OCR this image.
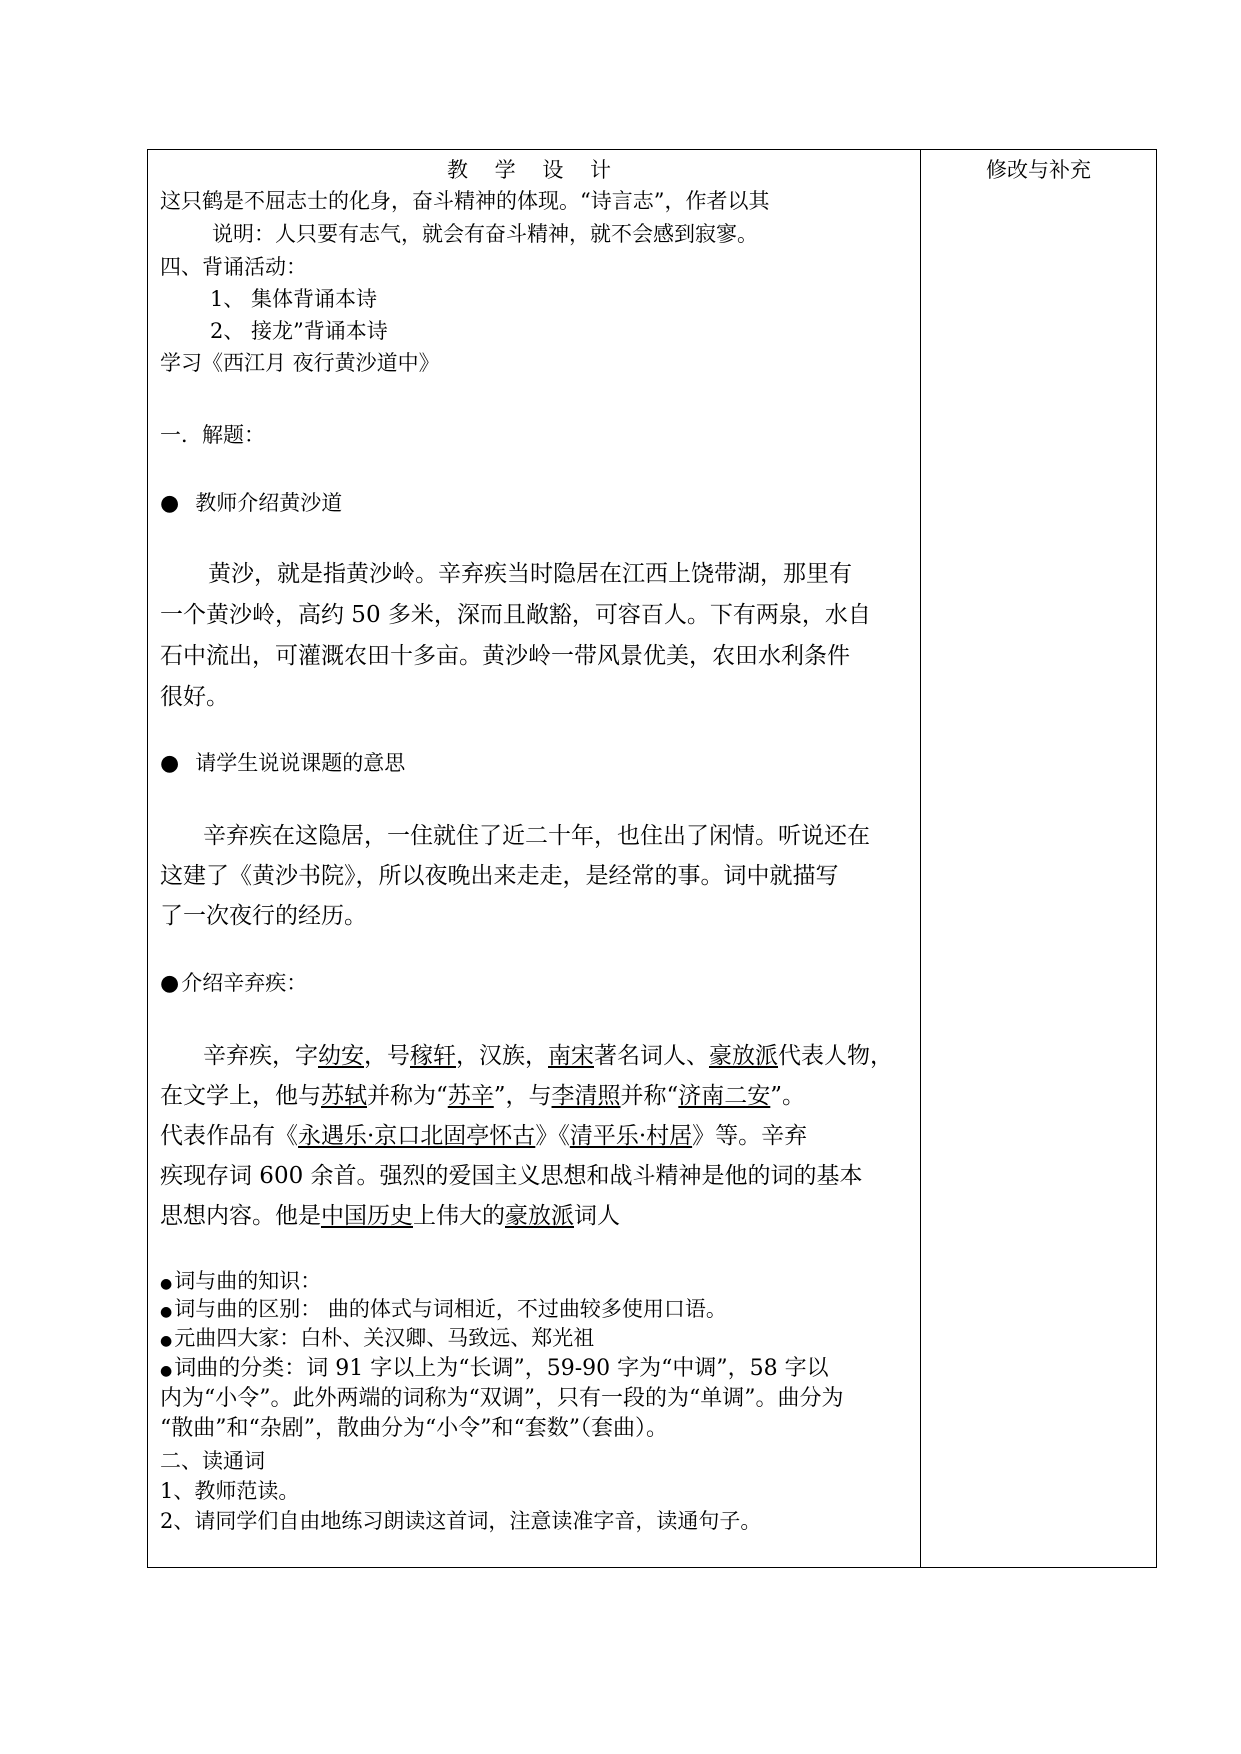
教 学 设 计	修改与补充
这只鹤是不屈志士的化身，奋斗精神的体现。“诗言志”，作者以其
说明：人只要有志气，就会有奋斗精神，就不会感到寂寥。
四、背诵活动：
1、 集体背诵本诗
2、 接龙”背诵本诗
学习《西江月 夜行黄沙道中》
一．解题：
● 教师介绍黄沙道
黄沙，就是指黄沙岭。辛弃疾当时隐居在江西上饶带湖，那里有
一个黄沙岭，高约 50 多米，深而且敞豁，可容百人。下有两泉，水自
石中流出，可灌溉农田十多亩。黄沙岭一带风景优美，农田水利条件
很好。
● 请学生说说课题的意思
辛弃疾在这隐居，一住就住了近二十年，也住出了闲情。听说还在
这建了《黄沙书院》，所以夜晚出来走走，是经常的事。词中就描写
了一次夜行的经历。
●介绍辛弃疾：
辛弃疾，字幼安，号稼轩，汉族，南宋著名词人、豪放派代表人物，
在文学上，他与苏轼并称为“苏辛”，与李清照并称“济南二安”。
代表作品有《永遇乐·京口北固亭怀古》《清平乐·村居》等。辛弃
疾现存词 600 余首。强烈的爱国主义思想和战斗精神是他的词的基本
思想内容。他是中国历史上伟大的豪放派词人
●词与曲的知识：
●词与曲的区别： 曲的体式与词相近，不过曲较多使用口语。
●元曲四大家：白朴、关汉卿、马致远、郑光祖
●词曲的分类：词 91 字以上为“长调”，59-90 字为“中调”，58 字以
内为“小令”。此外两端的词称为“双调”，只有一段的为“单调”。曲分为
“散曲”和“杂剧”，散曲分为“小令”和“套数”（套曲）。
二、读通词
1、教师范读。
2、请同学们自由地练习朗读这首词，注意读准字音，读通句子。
